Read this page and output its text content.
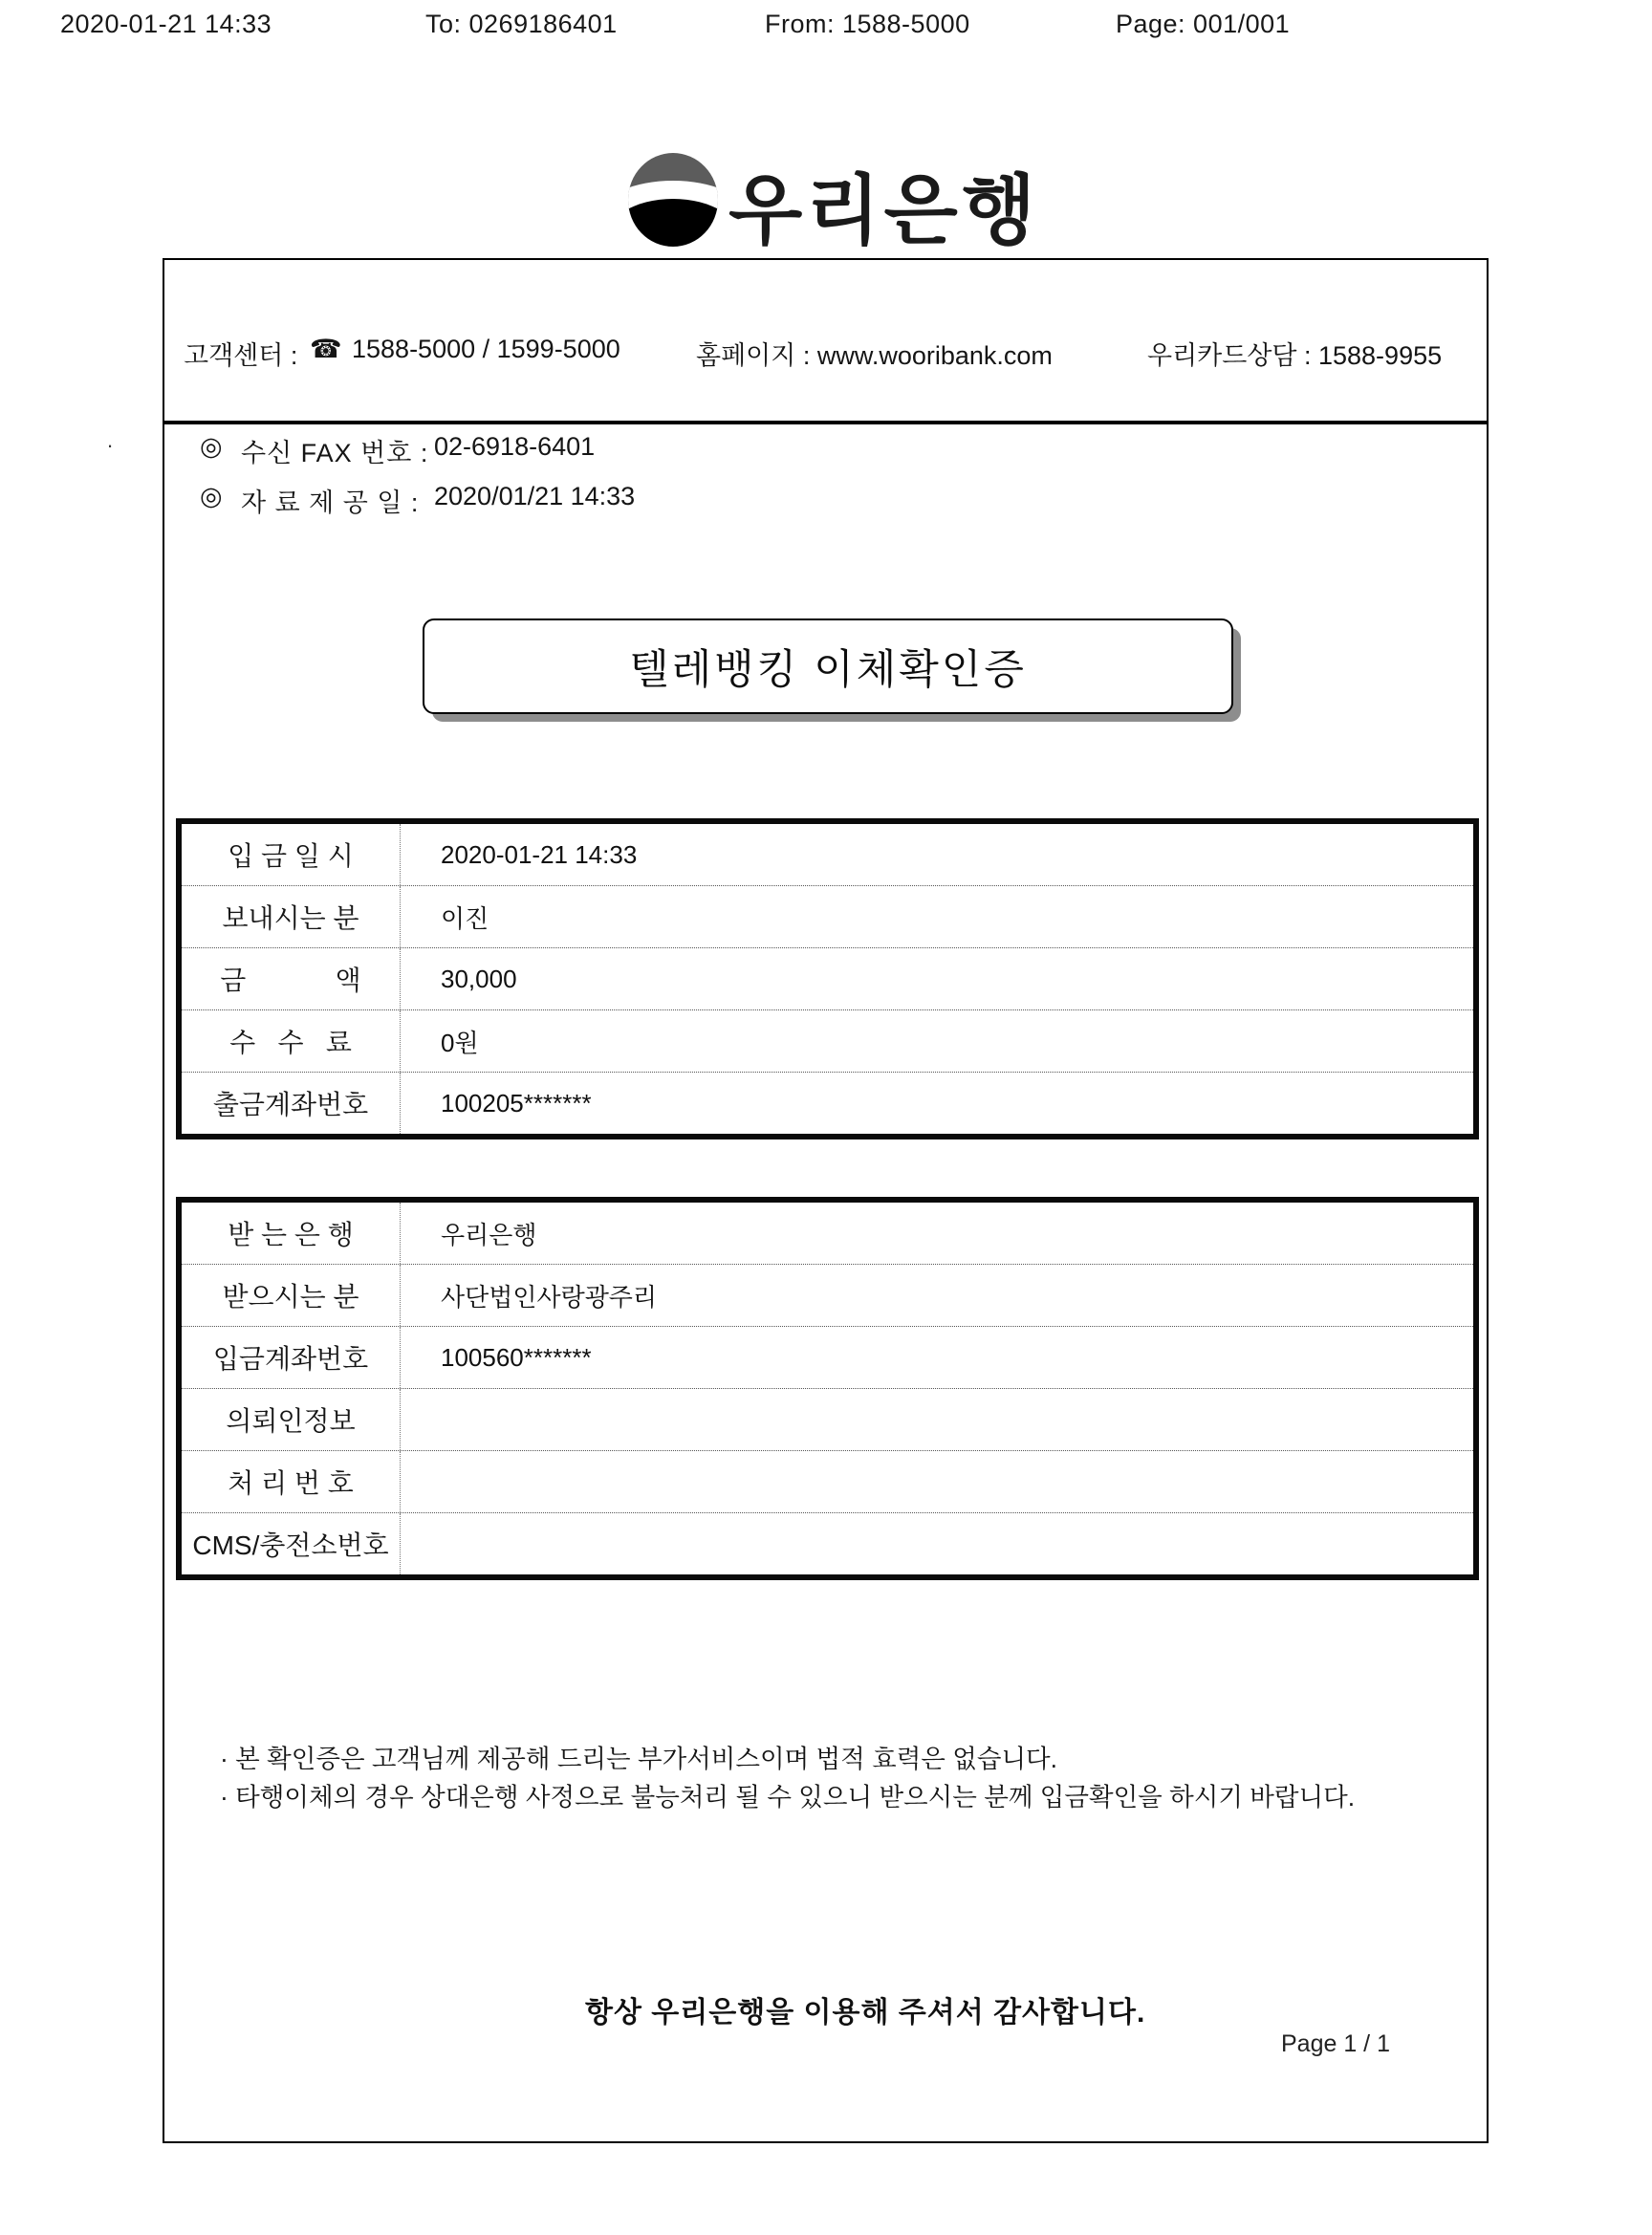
2020-01-21 14:33	To: 0269186401	From: 1588-5000	Page: 001/001
우리은행
.
고객센터 : ☎ 1588-5000 / 1599-5000	홈페이지 : www.wooribank.com	우리카드상담 : 1588-9955
◎ 수신 FAX 번호 : 02-6918-6401
◎ 자 료 제 공 일 : 2020/01/21 14:33
텔레뱅킹 이체확인증
입 금 일 시	2020-01-21 14:33
보내시는 분	이진
금            액	30,000
수   수   료	0원
출금계좌번호	100205*******
받 는 은 행	우리은행
받으시는 분	사단법인사랑광주리
입금계좌번호	100560*******
의뢰인정보
처 리 번 호
CMS/충전소번호
· 본 확인증은 고객님께 제공해 드리는 부가서비스이며 법적 효력은 없습니다.
· 타행이체의 경우 상대은행 사정으로 불능처리 될 수 있으니 받으시는 분께 입금확인을 하시기 바랍니다.
항상 우리은행을 이용해 주셔서 감사합니다.
Page 1 / 1
